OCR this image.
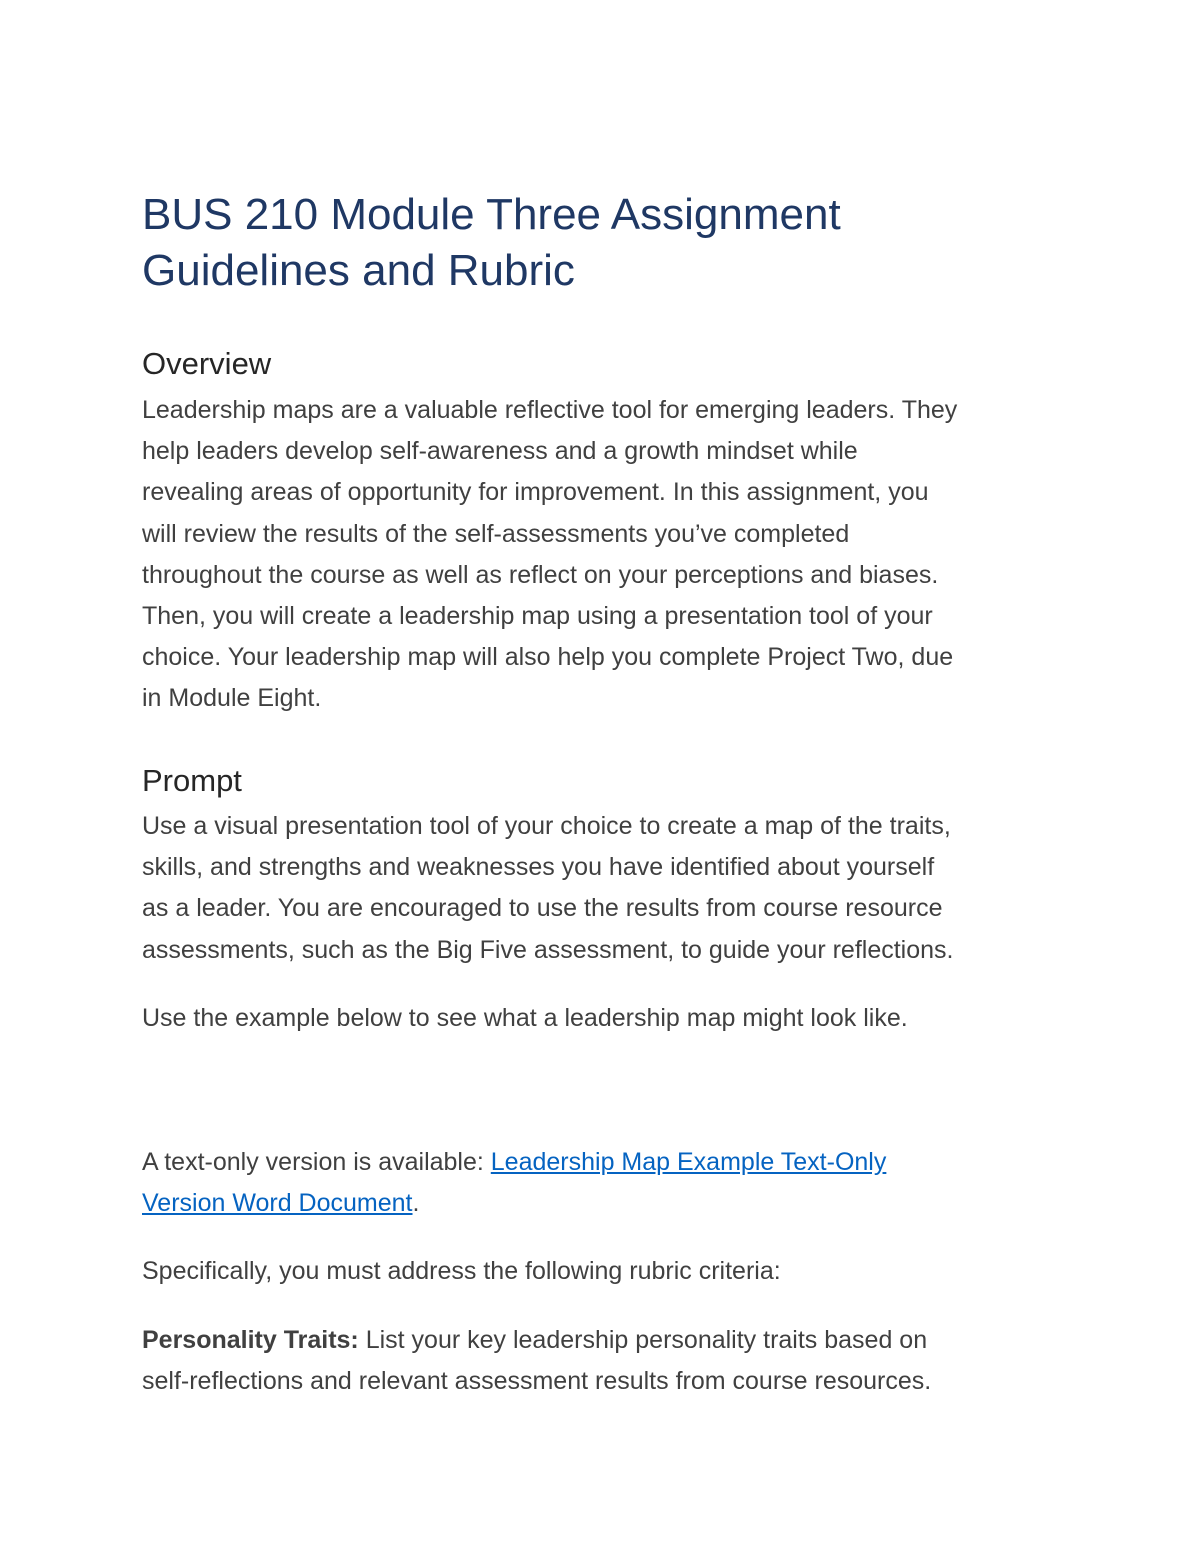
BUS 210 Module Three Assignment
Guidelines and Rubric
Overview
Leadership maps are a valuable reflective tool for emerging leaders. They
help leaders develop self-awareness and a growth mindset while
revealing areas of opportunity for improvement. In this assignment, you
will review the results of the self-assessments you’ve completed
throughout the course as well as reflect on your perceptions and biases.
Then, you will create a leadership map using a presentation tool of your
choice. Your leadership map will also help you complete Project Two, due
in Module Eight.
Prompt
Use a visual presentation tool of your choice to create a map of the traits,
skills, and strengths and weaknesses you have identified about yourself
as a leader. You are encouraged to use the results from course resource
assessments, such as the Big Five assessment, to guide your reflections.
Use the example below to see what a leadership map might look like.
A text-only version is available: Leadership Map Example Text-Only
Version Word Document.
Specifically, you must address the following rubric criteria:
Personality Traits: List your key leadership personality traits based on
self-reflections and relevant assessment results from course resources.
